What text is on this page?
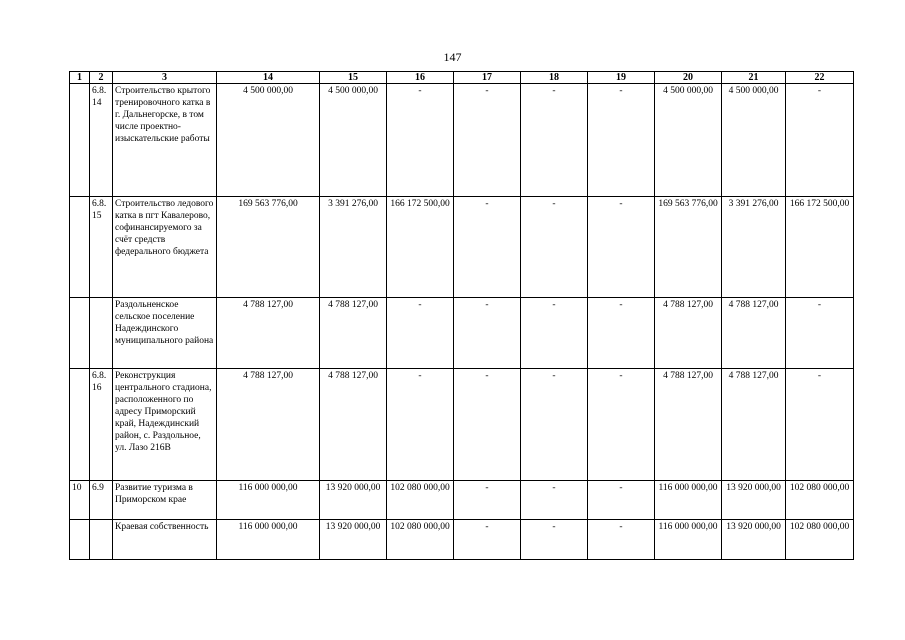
147
1	2	3	14	15	16	17	18	19	20	21	22
	6.8.14	Строительство крытого тренировочного катка в г. Дальнегорске, в том числе проектно-изыскательские работы	4 500 000,00	4 500 000,00	-	-	-	-	4 500 000,00	4 500 000,00	-

	6.8.15	Строительство ледового катка в пгт Кавалерово, софинансируемого за счёт средств федерального бюджета	169 563 776,00	3 391 276,00	166 172 500,00	-	-	-	169 563 776,00	3 391 276,00	166 172 500,00

		Раздольненское сельское поселение Надеждинского муниципального района	4 788 127,00	4 788 127,00	-	-	-	-	4 788 127,00	4 788 127,00	-

	6.8.16	Реконструкция центрального стадиона, расположенного по адресу Приморский край, Надеждинский район, с. Раздольное, ул. Лазо 216В	4 788 127,00	4 788 127,00	-	-	-	-	4 788 127,00	4 788 127,00	-

10	6.9	Развитие туризма в Приморском крае	116 000 000,00	13 920 000,00	102 080 000,00	-	-	-	116 000 000,00	13 920 000,00	102 080 000,00

		Краевая собственность	116 000 000,00	13 920 000,00	102 080 000,00	-	-	-	116 000 000,00	13 920 000,00	102 080 000,00
